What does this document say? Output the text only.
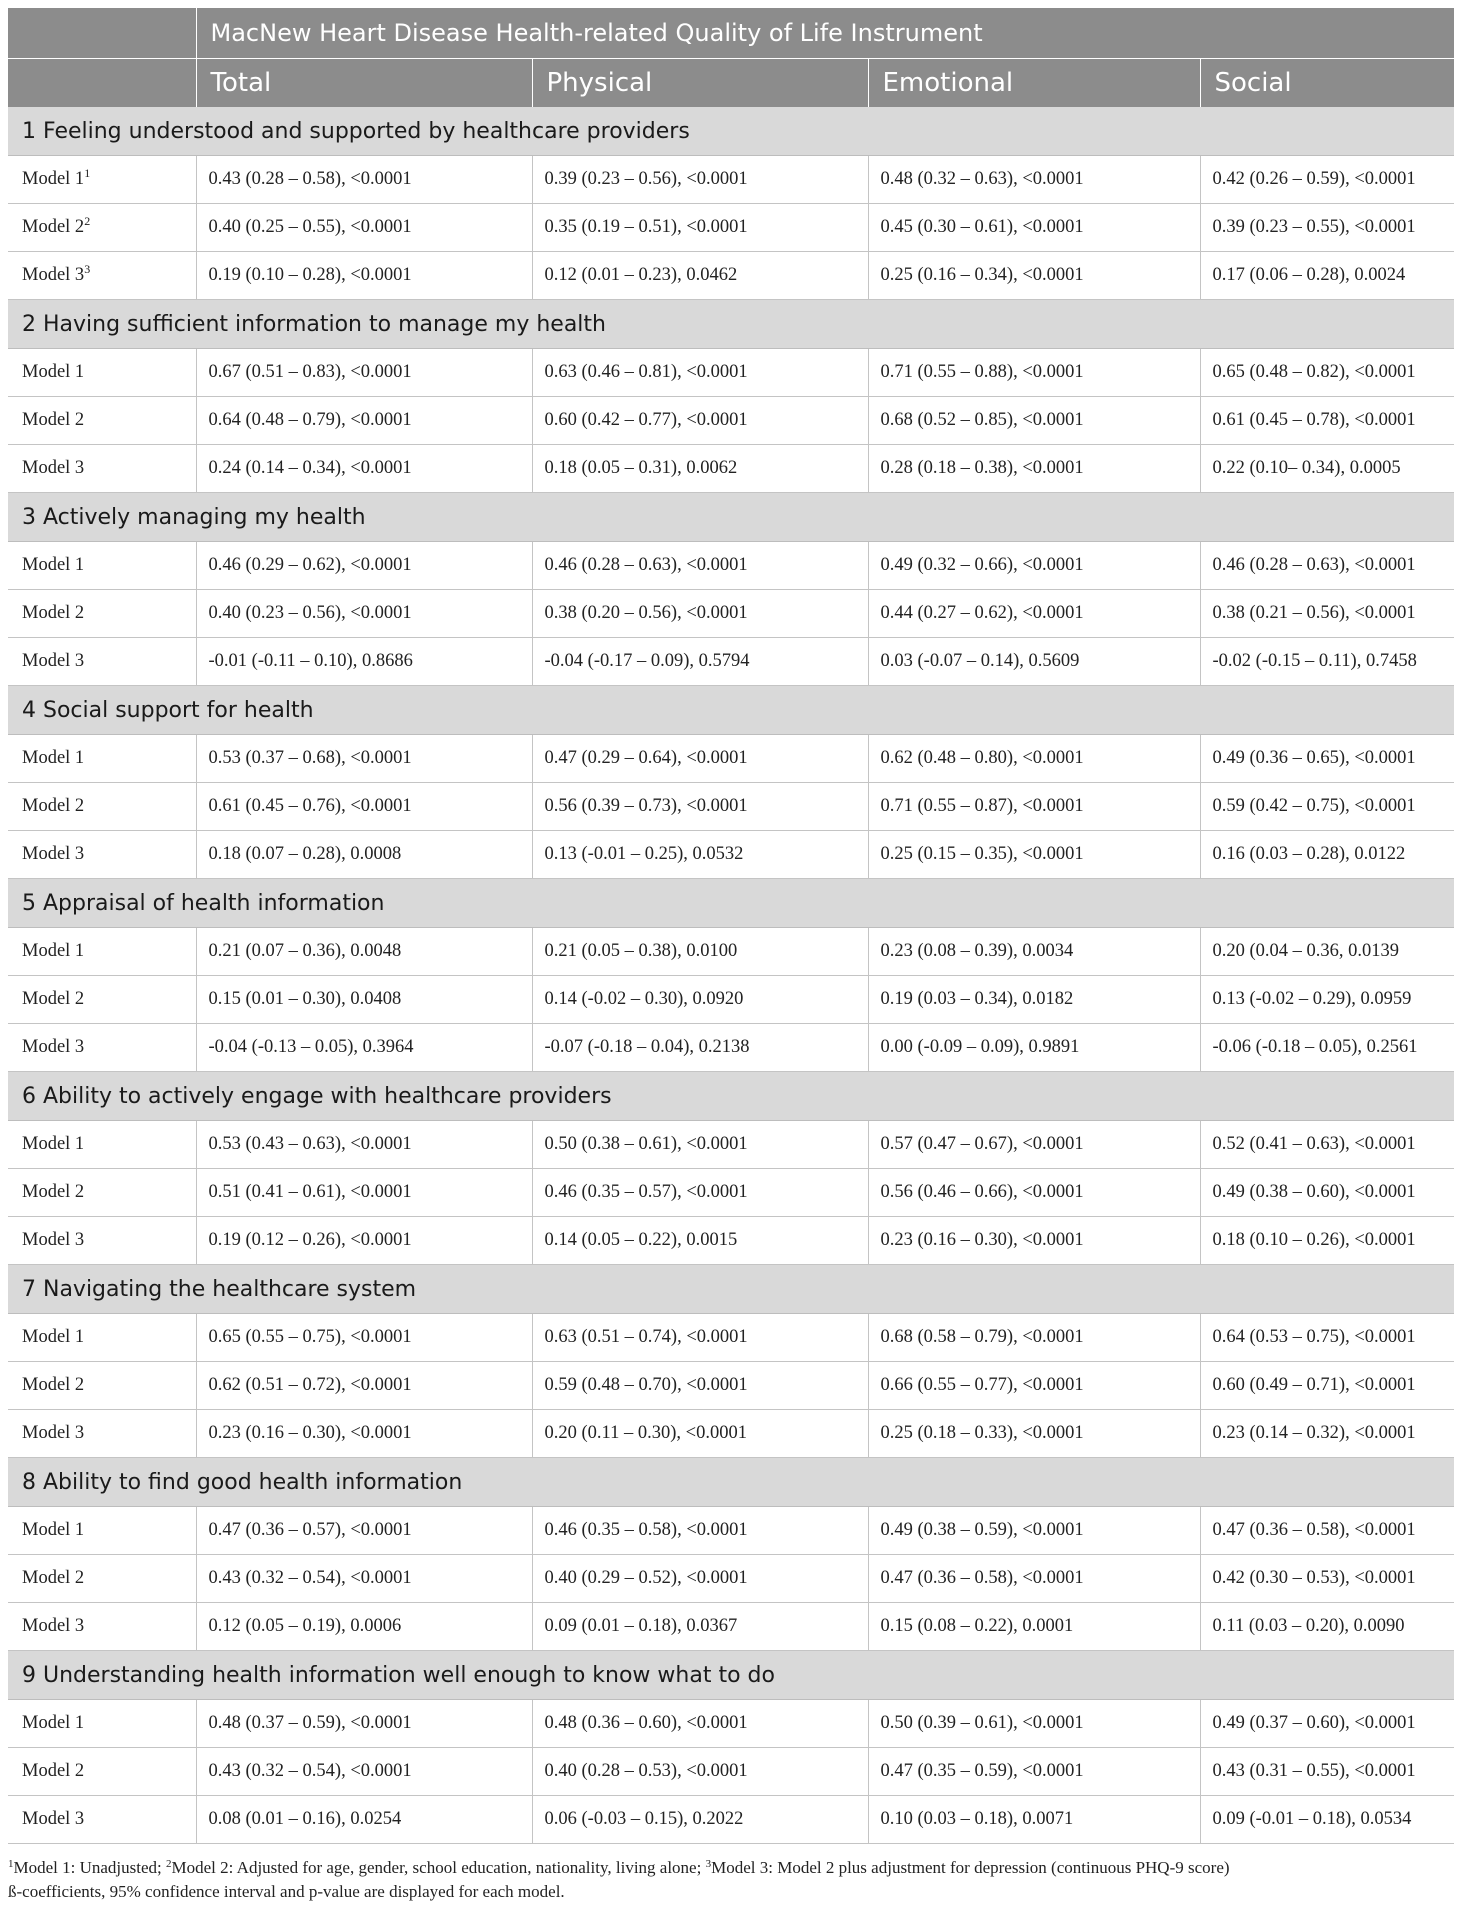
	MacNew Heart Disease Health-related Quality of Life Instrument			
	Total	Physical	Emotional	Social
1 Feeling understood and supported by healthcare providers				
Model $1^1$	0.43 (0.28 – 0.58), <0.0001	0.39 (0.23 – 0.56), <0.0001	0.48 (0.32 – 0.63), <0.0001	0.42 (0.26 – 0.59), <0.0001
Model $2^2$	0.40 (0.25 – 0.55), <0.0001	0.35 (0.19 – 0.51), <0.0001	0.45 (0.30 – 0.61), <0.0001	0.39 (0.23 – 0.55), <0.0001
Model $3^3$	0.19 (0.10 – 0.28), <0.0001	0.12 (0.01 – 0.23), 0.0462	0.25 (0.16 – 0.34), <0.0001	0.17 (0.06 – 0.28), 0.0024
2 Having sufficient information to manage my health				
Model 1	0.67 (0.51 – 0.83), <0.0001	0.63 (0.46 – 0.81), <0.0001	0.71 (0.55 – 0.88), <0.0001	0.65 (0.48 – 0.82), <0.0001
Model 2	0.64 (0.48 – 0.79), <0.0001	0.60 (0.42 – 0.77), <0.0001	0.68 (0.52 – 0.85), <0.0001	0.61 (0.45 – 0.78), <0.0001
Model 3	0.24 (0.14 – 0.34), <0.0001	0.18 (0.05 – 0.31), 0.0062	0.28 (0.18 – 0.38), <0.0001	0.22 (0.10– 0.34), 0.0005
3 Actively managing my health				
Model 1	0.46 (0.29 – 0.62), <0.0001	0.46 (0.28 – 0.63), <0.0001	0.49 (0.32 – 0.66), <0.0001	0.46 (0.28 – 0.63), <0.0001
Model 2	0.40 (0.23 – 0.56), <0.0001	0.38 (0.20 – 0.56), <0.0001	0.44 (0.27 – 0.62), <0.0001	0.38 (0.21 – 0.56), <0.0001
Model 3	-0.01 (-0.11 – 0.10), 0.8686	-0.04 (-0.17 – 0.09), 0.5794	0.03 (-0.07 – 0.14), 0.5609	-0.02 (-0.15 – 0.11), 0.7458
4 Social support for health				
Model 1	0.53 (0.37 – 0.68), <0.0001	0.47 (0.29 – 0.64), <0.0001	0.62 (0.48 – 0.80), <0.0001	0.49 (0.36 – 0.65), <0.0001
Model 2	0.61 (0.45 – 0.76), <0.0001	0.56 (0.39 – 0.73), <0.0001	0.71 (0.55 – 0.87), <0.0001	0.59 (0.42 – 0.75), <0.0001
Model 3	0.18 (0.07 – 0.28), 0.0008	0.13 (-0.01 – 0.25), 0.0532	0.25 (0.15 – 0.35), <0.0001	0.16 (0.03 – 0.28), 0.0122
5 Appraisal of health information				
Model 1	0.21 (0.07 – 0.36), 0.0048	0.21 (0.05 – 0.38), 0.0100	0.23 (0.08 – 0.39), 0.0034	0.20 (0.04 – 0.36, 0.0139
Model 2	0.15 (0.01 – 0.30), 0.0408	0.14 (-0.02 – 0.30), 0.0920	0.19 (0.03 – 0.34), 0.0182	0.13 (-0.02 – 0.29), 0.0959
Model 3	-0.04 (-0.13 – 0.05), 0.3964	-0.07 (-0.18 – 0.04), 0.2138	0.00 (-0.09 – 0.09), 0.9891	-0.06 (-0.18 – 0.05), 0.2561
6 Ability to actively engage with healthcare providers				
Model 1	0.53 (0.43 – 0.63), <0.0001	0.50 (0.38 – 0.61), <0.0001	0.57 (0.47 – 0.67), <0.0001	0.52 (0.41 – 0.63), <0.0001
Model 2	0.51 (0.41 – 0.61), <0.0001	0.46 (0.35 – 0.57), <0.0001	0.56 (0.46 – 0.66), <0.0001	0.49 (0.38 – 0.60), <0.0001
Model 3	0.19 (0.12 – 0.26), <0.0001	0.14 (0.05 – 0.22), 0.0015	0.23 (0.16 – 0.30), <0.0001	0.18 (0.10 – 0.26), <0.0001
7 Navigating the healthcare system				
Model 1	0.65 (0.55 – 0.75), <0.0001	0.63 (0.51 – 0.74), <0.0001	0.68 (0.58 – 0.79), <0.0001	0.64 (0.53 – 0.75), <0.0001
Model 2	0.62 (0.51 – 0.72), <0.0001	0.59 (0.48 – 0.70), <0.0001	0.66 (0.55 – 0.77), <0.0001	0.60 (0.49 – 0.71), <0.0001
Model 3	0.23 (0.16 – 0.30), <0.0001	0.20 (0.11 – 0.30), <0.0001	0.25 (0.18 – 0.33), <0.0001	0.23 (0.14 – 0.32), <0.0001
8 Ability to find good health information				
Model 1	0.47 (0.36 – 0.57), <0.0001	0.46 (0.35 – 0.58), <0.0001	0.49 (0.38 – 0.59), <0.0001	0.47 (0.36 – 0.58), <0.0001
Model 2	0.43 (0.32 – 0.54), <0.0001	0.40 (0.29 – 0.52), <0.0001	0.47 (0.36 – 0.58), <0.0001	0.42 (0.30 – 0.53), <0.0001
Model 3	0.12 (0.05 – 0.19), 0.0006	0.09 (0.01 – 0.18), 0.0367	0.15 (0.08 – 0.22), 0.0001	0.11 (0.03 – 0.20), 0.0090
9 Understanding health information well enough to know what to do				
Model 1	0.48 (0.37 – 0.59), <0.0001	0.48 (0.36 – 0.60), <0.0001	0.50 (0.39 – 0.61), <0.0001	0.49 (0.37 – 0.60), <0.0001
Model 2	0.43 (0.32 – 0.54), <0.0001	0.40 (0.28 – 0.53), <0.0001	0.47 (0.35 – 0.59), <0.0001	0.43 (0.31 – 0.55), <0.0001
Model 3	0.08 (0.01 – 0.16), 0.0254	0.06 (-0.03 – 0.15), 0.2022	0.10 (0.03 – 0.18), 0.0071	0.09 (-0.01 – 0.18), 0.0534
$^1$Model 1: Unadjusted; $^2$Model 2: Adjusted for age, gender, school education, nationality, living alone; $^3$Model 3: Model 2 plus adjustment for depression (continuous PHQ-9 score)
ß-coefficients, 95% confidence interval and p-value are displayed for each model.
